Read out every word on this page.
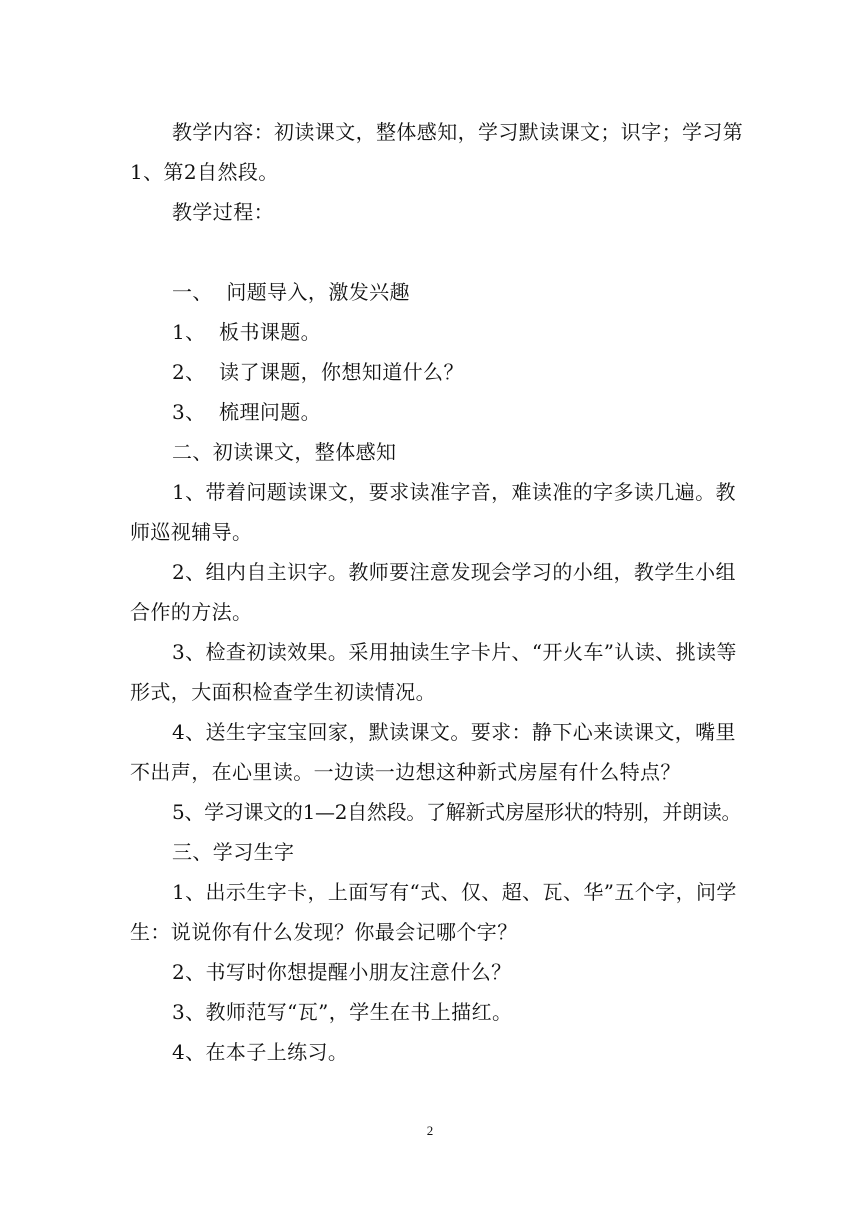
教学内容：初读课文，整体感知，学习默读课文；识字；学习第1、第2自然段。

教学过程：

一、  问题导入，激发兴趣

1、  板书课题。

2、  读了课题，你想知道什么？

3、  梳理问题。

二、初读课文，整体感知

1、带着问题读课文，要求读准字音，难读准的字多读几遍。教师巡视辅导。

2、组内自主识字。教师要注意发现会学习的小组，教学生小组合作的方法。

3、检查初读效果。采用抽读生字卡片、“开火车”认读、挑读等形式，大面积检查学生初读情况。

4、送生字宝宝回家，默读课文。要求：静下心来读课文，嘴里不出声，在心里读。一边读一边想这种新式房屋有什么特点？

5、学习课文的1—2自然段。了解新式房屋形状的特别，并朗读。

三、学习生字

1、出示生字卡，上面写有“式、仅、超、瓦、华”五个字，问学生：说说你有什么发现？你最会记哪个字？

2、书写时你想提醒小朋友注意什么？

3、教师范写“瓦”，学生在书上描红。

4、在本子上练习。

2
